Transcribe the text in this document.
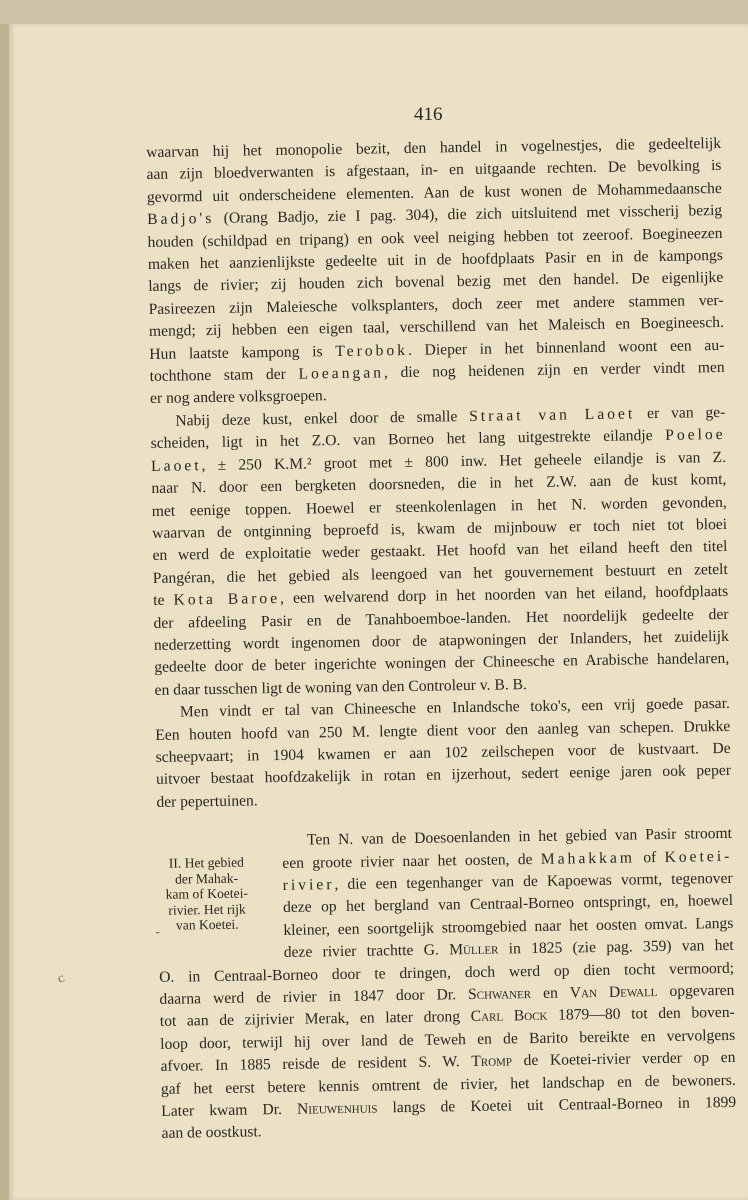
416
waarvan hij het monopolie bezit, den handel in vogelnestjes, die gedeeltelijk
aan zijn bloedverwanten is afgestaan, in- en uitgaande rechten. De bevolking is
gevormd uit onderscheidene elementen. Aan de kust wonen de Mohammedaansche
Badjo's (Orang Badjo, zie I pag. 304), die zich uitsluitend met visscherij bezig
houden (schildpad en tripang) en ook veel neiging hebben tot zeeroof. Boegineezen
maken het aanzienlijkste gedeelte uit in de hoofdplaats Pasir en in de kampongs
langs de rivier; zij houden zich bovenal bezig met den handel. De eigenlijke
Pasireezen zijn Maleiesche volksplanters, doch zeer met andere stammen ver-
mengd; zij hebben een eigen taal, verschillend van het Maleisch en Boegineesch.
Hun laatste kampong is Terobok. Dieper in het binnenland woont een au-
tochthone stam der Loeangan, die nog heidenen zijn en verder vindt men
er nog andere volksgroepen.
Nabij deze kust, enkel door de smalle Straat van Laoet er van ge-
scheiden, ligt in het Z.O. van Borneo het lang uitgestrekte eilandje Poeloe
Laoet, ± 250 K.M.² groot met ± 800 inw. Het geheele eilandje is van Z.
naar N. door een bergketen doorsneden, die in het Z.W. aan de kust komt,
met eenige toppen. Hoewel er steenkolenlagen in het N. worden gevonden,
waarvan de ontginning beproefd is, kwam de mijnbouw er toch niet tot bloei
en werd de exploitatie weder gestaakt. Het hoofd van het eiland heeft den titel
Pangéran, die het gebied als leengoed van het gouvernement bestuurt en zetelt
te Kota Baroe, een welvarend dorp in het noorden van het eiland, hoofdplaats
der afdeeling Pasir en de Tanahboemboe-landen. Het noordelijk gedeelte der
nederzetting wordt ingenomen door de atapwoningen der Inlanders, het zuidelijk
gedeelte door de beter ingerichte woningen der Chineesche en Arabische handelaren,
en daar tusschen ligt de woning van den Controleur v. B. B.
Men vindt er tal van Chineesche en Inlandsche toko's, een vrij goede pasar.
Een houten hoofd van 250 M. lengte dient voor den aanleg van schepen. Drukke
scheepvaart; in 1904 kwamen er aan 102 zeilschepen voor de kustvaart. De
uitvoer bestaat hoofdzakelijk in rotan en ijzerhout, sedert eenige jaren ook peper
der pepertuinen.
II. Het gebied
der Mahak-
kam of Koetei-
rivier. Het rijk
van Koetei.
-
Ten N. van de Doesoenlanden in het gebied van Pasir stroomt
een groote rivier naar het oosten, de Mahakkam of Koetei-
rivier, die een tegenhanger van de Kapoewas vormt, tegenover
deze op het bergland van Centraal-Borneo ontspringt, en, hoewel
kleiner, een soortgelijk stroomgebied naar het oosten omvat. Langs
deze rivier trachtte G. Müller in 1825 (zie pag. 359) van het
O. in Centraal-Borneo door te dringen, doch werd op dien tocht vermoord;
daarna werd de rivier in 1847 door Dr. Schwaner en Van Dewall opgevaren
tot aan de zijrivier Merak, en later drong Carl Bock 1879—80 tot den boven-
loop door, terwijl hij over land de Teweh en de Barito bereikte en vervolgens
afvoer. In 1885 reisde de resident S. W. Tromp de Koetei-rivier verder op en
gaf het eerst betere kennis omtrent de rivier, het landschap en de bewoners.
Later kwam Dr. Nieuwenhuis langs de Koetei uit Centraal-Borneo in 1899
aan de oostkust.
ᴄ
